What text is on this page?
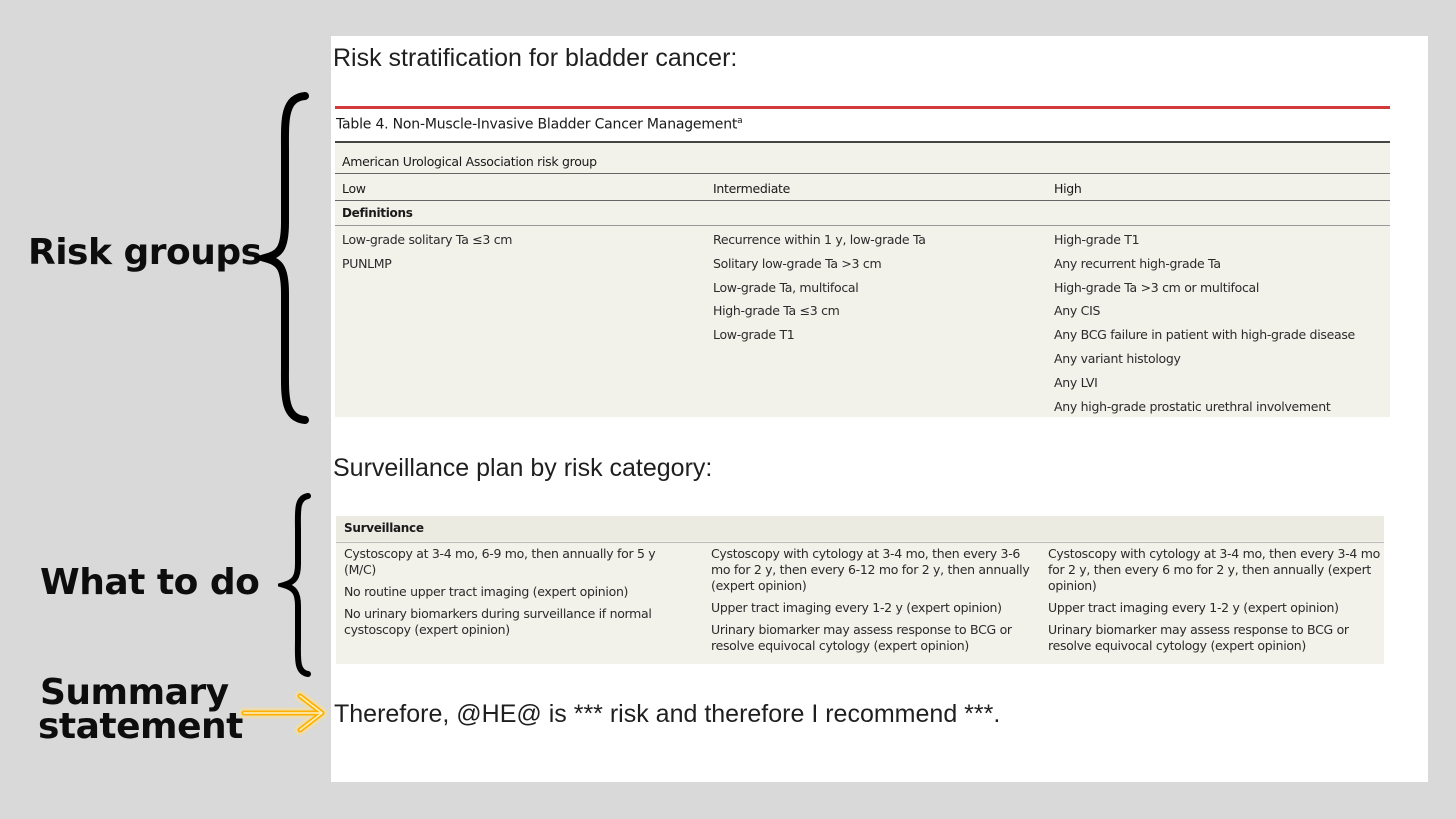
Risk groups
What to do
Summary
statement
Risk stratification for bladder cancer:
Table 4. Non-Muscle-Invasive Bladder Cancer Management$^a$
American Urological Association risk group
Low	Intermediate	High
Definitions
Low-grade solitary Ta ≤3 cm
PUNLMP
Recurrence within 1 y, low-grade Ta
Solitary low-grade Ta >3 cm
Low-grade Ta, multifocal
High-grade Ta ≤3 cm
Low-grade T1
High-grade T1
Any recurrent high-grade Ta
High-grade Ta >3 cm or multifocal
Any CIS
Any BCG failure in patient with high-grade disease
Any variant histology
Any LVI
Any high-grade prostatic urethral involvement
Surveillance plan by risk category:
Surveillance

Cystoscopy at 3-4 mo, 6-9 mo, then annually for 5 y (M/C)

No routine upper tract imaging (expert opinion)

No urinary biomarkers during surveillance if normal cystoscopy (expert opinion)

Cystoscopy with cytology at 3-4 mo, then every 3-6 mo for 2 y, then every 6-12 mo for 2 y, then annually (expert opinion)

Upper tract imaging every 1-2 y (expert opinion)

Urinary biomarker may assess response to BCG or resolve equivocal cytology (expert opinion)

Cystoscopy with cytology at 3-4 mo, then every 3-4 mo for 2 y, then every 6 mo for 2 y, then annually (expert opinion)

Upper tract imaging every 1-2 y (expert opinion)

Urinary biomarker may assess response to BCG or resolve equivocal cytology (expert opinion)

Therefore, @HE@ is *** risk and therefore I recommend ***.
